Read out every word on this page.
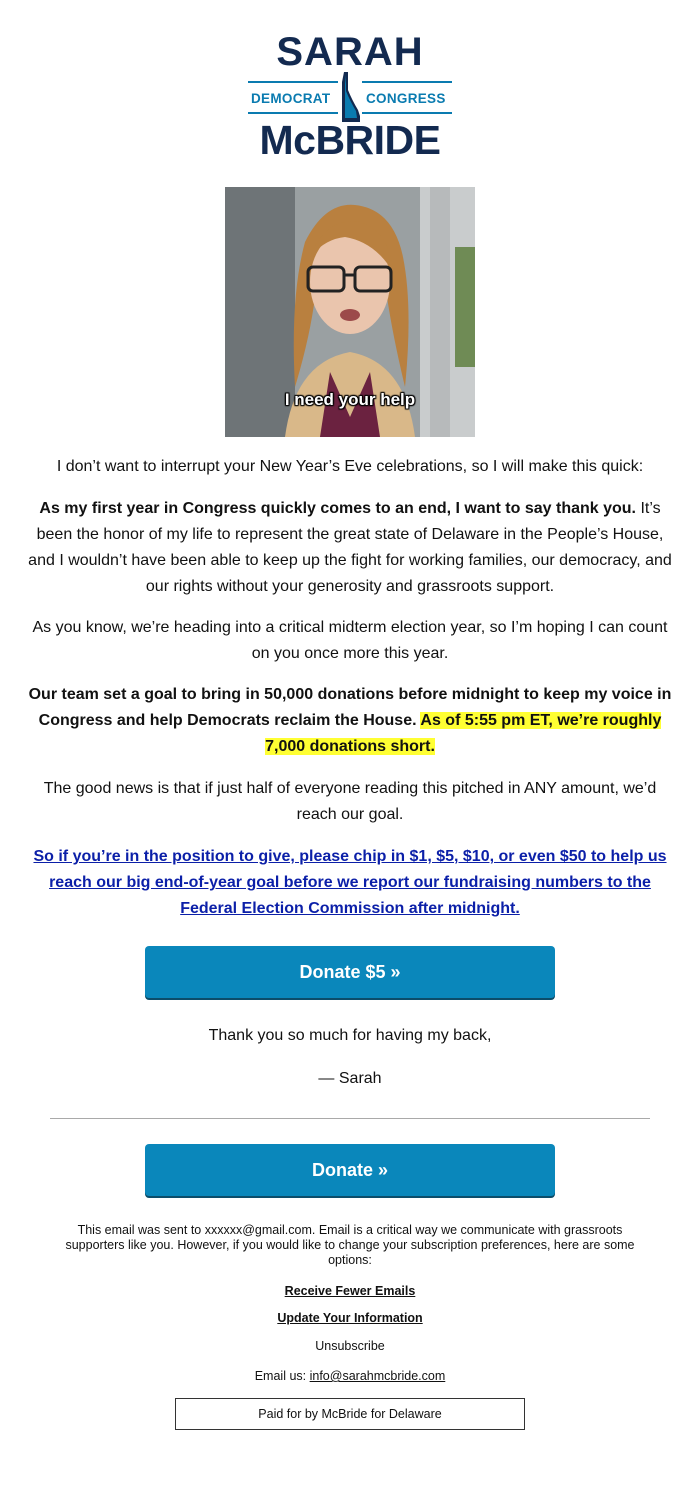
SARAH
DEMOCRAT	CONGRESS
McBRIDE
I need your help

I don’t want to interrupt your New Year’s Eve celebrations, so I will make this quick:

As my first year in Congress quickly comes to an end, I want to say thank you. It’s been the honor of my life to represent the great state of Delaware in the People’s House, and I wouldn’t have been able to keep up the fight for working families, our democracy, and our rights without your generosity and grassroots support.

As you know, we’re heading into a critical midterm election year, so I’m hoping I can count on you once more this year.

Our team set a goal to bring in 50,000 donations before midnight to keep my voice in Congress and help Democrats reclaim the House. As of 5:55 pm ET, we’re roughly 7,000 donations short.

The good news is that if just half of everyone reading this pitched in ANY amount, we’d reach our goal.

So if you’re in the position to give, please chip in $1, $5, $10, or even $50 to help us reach our big end-of-year goal before we report our fundraising numbers to the Federal Election Commission after midnight.

Donate $5 »

Thank you so much for having my back,

— Sarah

Donate »
This email was sent to xxxxxx@gmail.com. Email is a critical way we communicate with grassroots supporters like you. However, if you would like to change your subscription preferences, here are some options:
Receive Fewer Emails
Update Your Information
Unsubscribe
Email us: info@sarahmcbride.com
Paid for by McBride for Delaware
